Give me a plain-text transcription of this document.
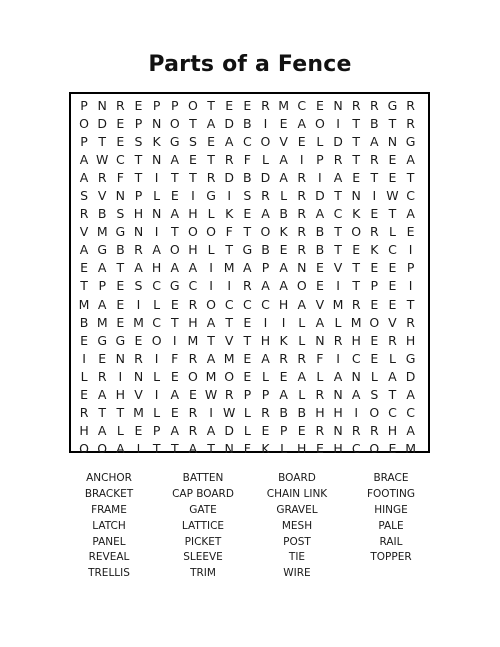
Parts of a Fence
P N R E P P O T E E R M C E N R R G R
O D E P N O T A D B I E A O I T B T R
P T E S K G S E A C O V E L D T A N G
A W C T N A E T R F L A I	P R T R E A
A R F T I T T R D B D A R I A E T E T
S V N P L E I G I S R L R D T N I W C
R B S H N A H L K E A B R A C K E T A
V M G N I T O O F T O K R B T O R L E
A G B R A O H L T G B E R B T E K C I
E A T A H A A I M A P A N E V T E E P
T P E S C G C I	I R A A O E I T P E I
M A E I	L E R O C C C H A V M R E E T
B M E M C T H A T E I	I	L A L M O V R
E G G E O I M T V T H K L N R H E R H
I E N R I	F R A M E A R R F	I C E L G
L R I N L E O M O E L E A L A N L A D
E A H V I A E W R P P A L R N A S T A
R T T M L E R I W L R B B H H I O C C
H A L E P A R A D L E P E R N R R H A
O O A I T T A T N F K L H E H C O E M
ANCHOR	BATTEN	BOARD	BRACE
BRACKET	CAP BOARD	CHAIN LINK	FOOTING
FRAME	GATE	GRAVEL	HINGE
LATCH	LATTICE	MESH	PALE
PANEL	PICKET	POST	RAIL
REVEAL	SLEEVE	TIE	TOPPER
TRELLIS	TRIM	WIRE
